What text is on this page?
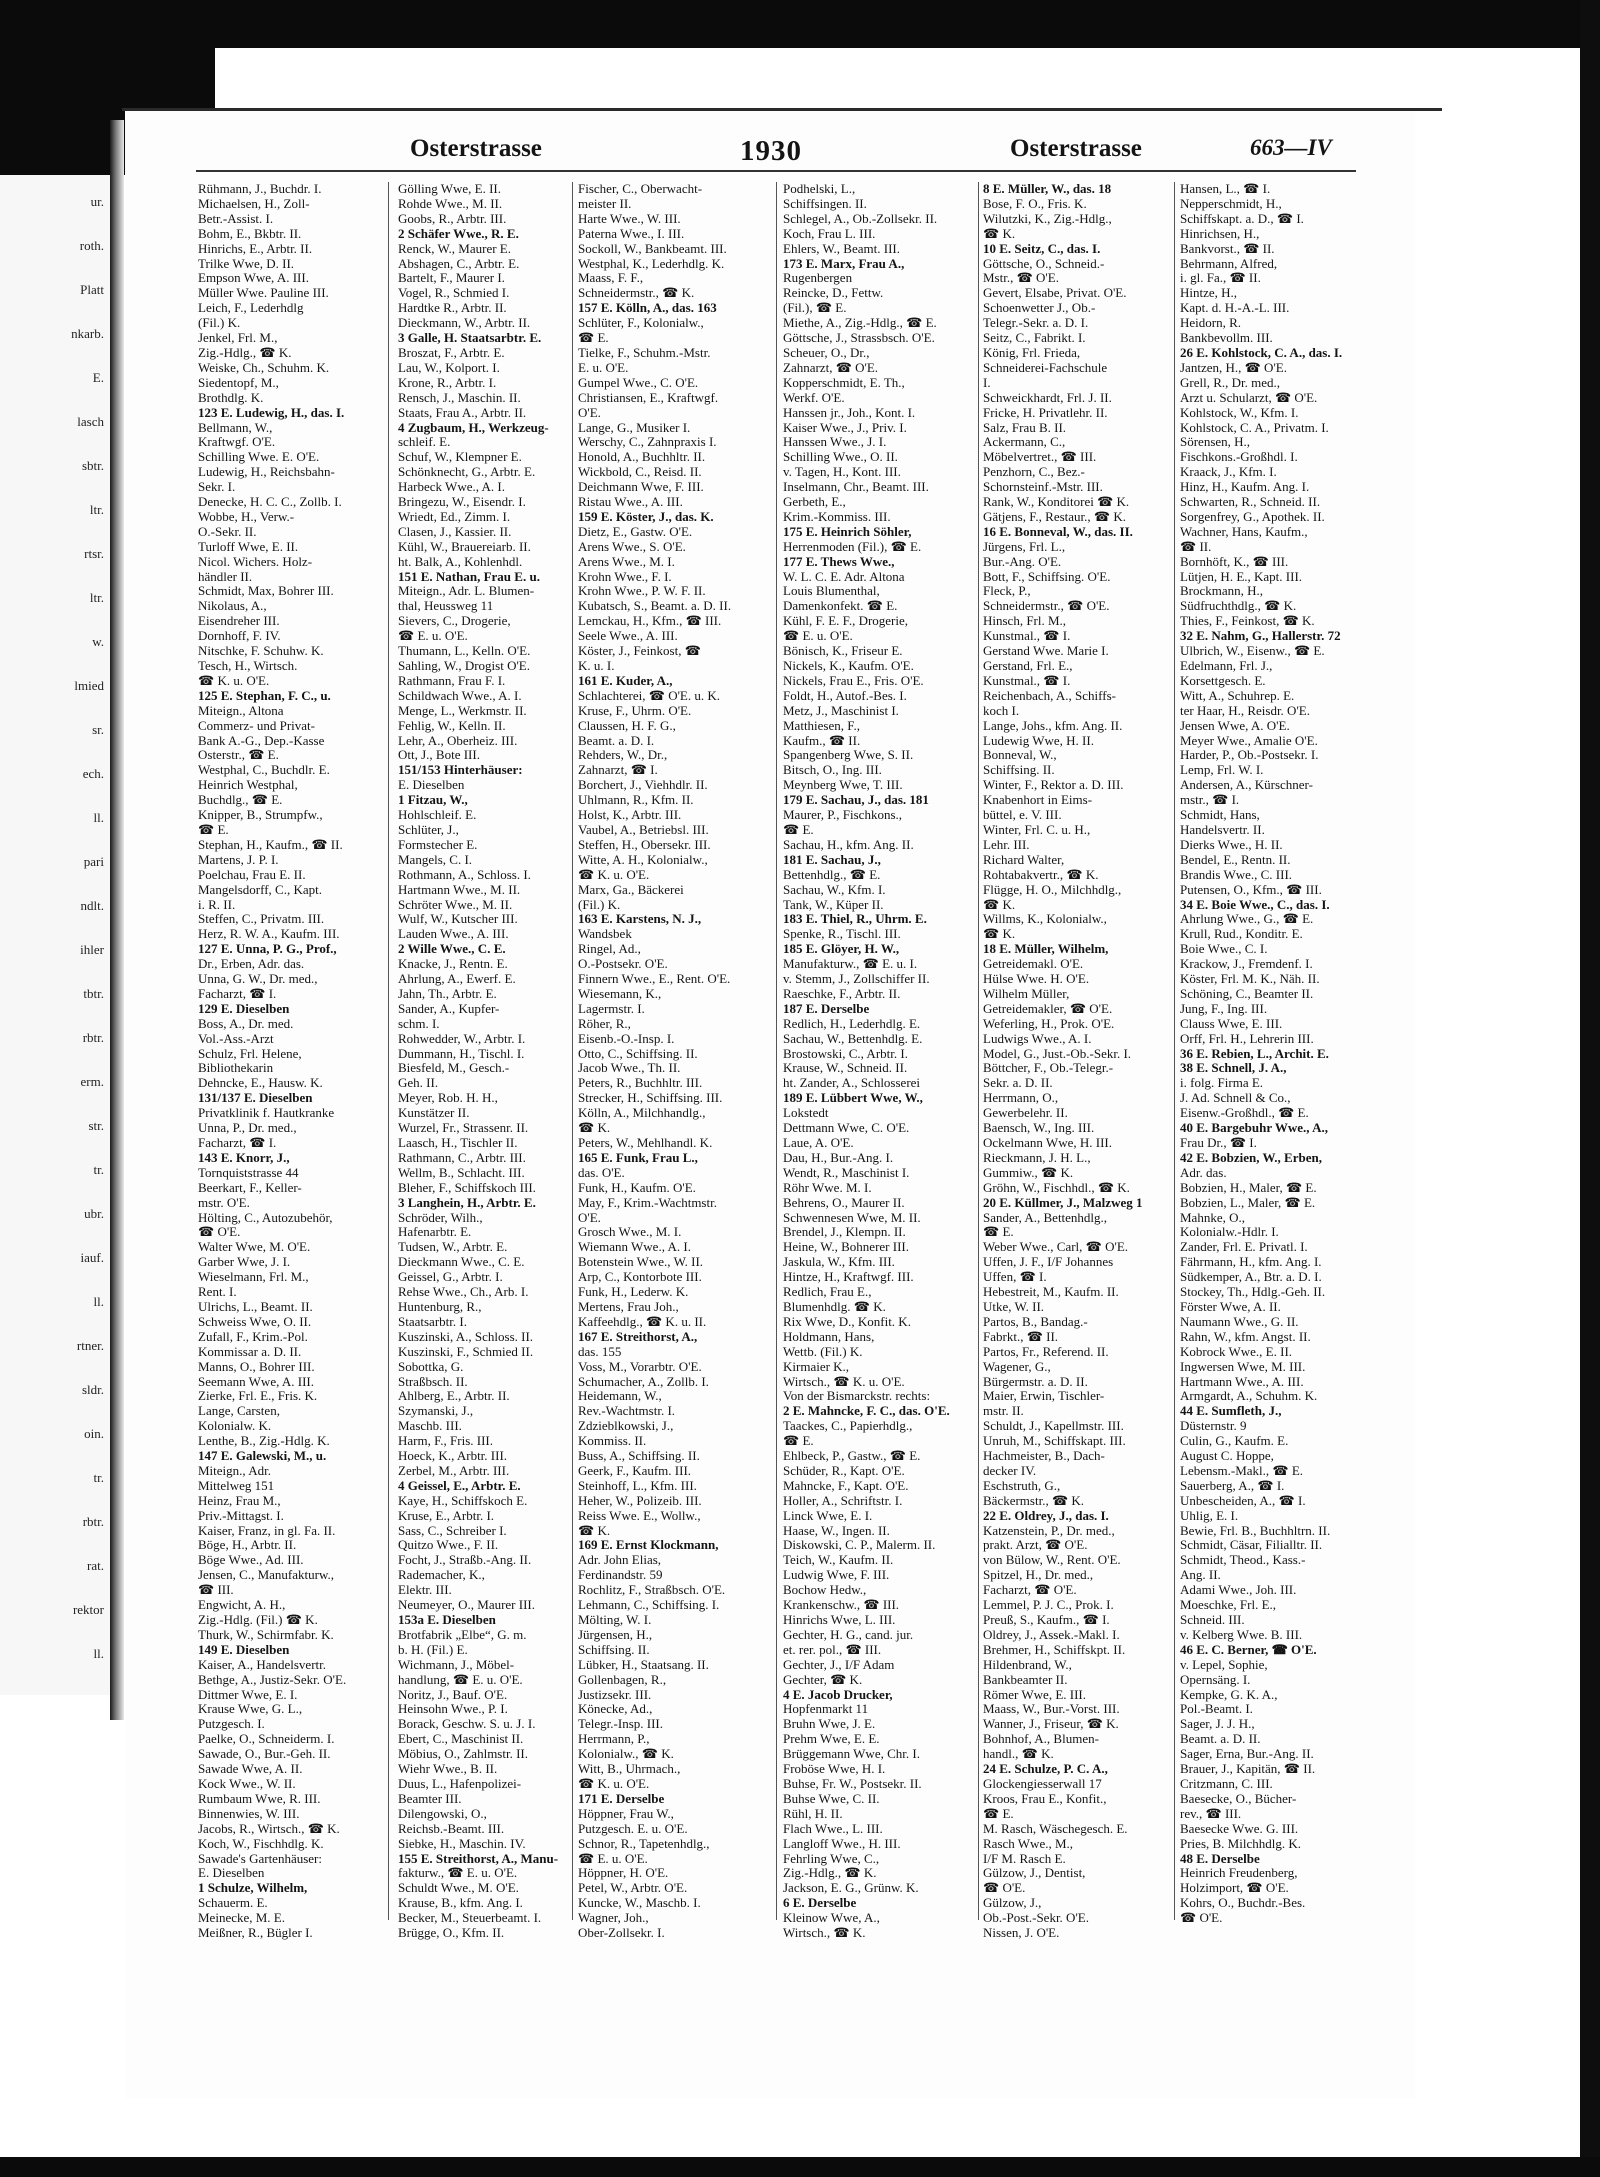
ur.
roth.
Platt
nkarb.
E.
lasch
sbtr.
ltr.
rtsr.
ltr.
w.
lmied
sr.
ech.
ll.
pari
ndlt.
ihler
tbtr.
rbtr.
erm.
str.
tr.
ubr.
iauf.
ll.
rtner.
sldr.
oin.
tr.
rbtr.
rat.
rektor
ll.
Osterstrasse	1930	Osterstrasse	663—IV
Rühmann, J., Buchdr. I.
Michaelsen, H., Zoll-
Betr.-Assist. I.
Bohm, E., Bkbtr. II.
Hinrichs, E., Arbtr. II.
Trilke Wwe, D. II.
Empson Wwe, A. III.
Müller Wwe. Pauline III.
Leich, F., Lederhdlg
(Fil.) K.
Jenkel, Frl. M.,
Zig.-Hdlg., ☎ K.
Weiske, Ch., Schuhm. K.
Siedentopf, M.,
Brothdlg. K.
123 E. Ludewig, H., das. I.
Bellmann, W.,
Kraftwgf. O'E.
Schilling Wwe. E. O'E.
Ludewig, H., Reichsbahn-
Sekr. I.
Denecke, H. C. C., Zollb. I.
Wobbe, H., Verw.-
O.-Sekr. II.
Turloff Wwe, E. II.
Nicol. Wichers. Holz-
händler II.
Schmidt, Max, Bohrer III.
Nikolaus, A.,
Eisendreher III.
Dornhoff, F. IV.
Nitschke, F. Schuhw. K.
Tesch, H., Wirtsch.
☎ K. u. O'E.
125 E. Stephan, F. C., u.
Miteign., Altona
Commerz- und Privat-
Bank A.-G., Dep.-Kasse
Osterstr., ☎ E.
Westphal, C., Buchdlr. E.
Heinrich Westphal,
Buchdlg., ☎ E.
Knipper, B., Strumpfw.,
☎ E.
Stephan, H., Kaufm., ☎ II.
Martens, J. P. I.
Poelchau, Frau E. II.
Mangelsdorff, C., Kapt.
i. R. II.
Steffen, C., Privatm. III.
Herz, R. W. A., Kaufm. III.
127 E. Unna, P. G., Prof.,
Dr., Erben, Adr. das.
Unna, G. W., Dr. med.,
Facharzt, ☎ I.
129 E. Dieselben
Boss, A., Dr. med.
Vol.-Ass.-Arzt
Schulz, Frl. Helene,
Bibliothekarin
Dehncke, E., Hausw. K.
131/137 E. Dieselben
Privatklinik f. Hautkranke
Unna, P., Dr. med.,
Facharzt, ☎ I.
143 E. Knorr, J.,
Tornquiststrasse 44
Beerkart, F., Keller-
mstr. O'E.
Hölting, C., Autozubehör,
☎ O'E.
Walter Wwe, M. O'E.
Garber Wwe, J. I.
Wieselmann, Frl. M.,
Rent. I.
Ulrichs, L., Beamt. II.
Schweiss Wwe, O. II.
Zufall, F., Krim.-Pol.
Kommissar a. D. II.
Manns, O., Bohrer III.
Seemann Wwe, A. III.
Zierke, Frl. E., Fris. K.
Lange, Carsten,
Kolonialw. K.
Lenthe, B., Zig.-Hdlg. K.
147 E. Galewski, M., u.
Miteign., Adr.
Mittelweg 151
Heinz, Frau M.,
Priv.-Mittagst. I.
Kaiser, Franz, in gl. Fa. II.
Böge, H., Arbtr. II.
Böge Wwe., Ad. III.
Jensen, C., Manufakturw.,
☎ III.
Engwicht, A. H.,
Zig.-Hdlg. (Fil.) ☎ K.
Thurk, W., Schirmfabr. K.
149 E. Dieselben
Kaiser, A., Handelsvertr.
Bethge, A., Justiz-Sekr. O'E.
Dittmer Wwe, E. I.
Krause Wwe, G. L.,
Putzgesch. I.
Paelke, O., Schneiderm. I.
Sawade, O., Bur.-Geh. II.
Sawade Wwe, A. II.
Kock Wwe., W. II.
Rumbaum Wwe, R. III.
Binnenwies, W. III.
Jacobs, R., Wirtsch., ☎ K.
Koch, W., Fischhdlg. K.
Sawade's Gartenhäuser:
E. Dieselben
1 Schulze, Wilhelm,
Schauerm. E.
Meinecke, M. E.
Meißner, R., Bügler I.
Gölling Wwe, E. II.
Rohde Wwe., M. II.
Goobs, R., Arbtr. III.
2 Schäfer Wwe., R. E.
Renck, W., Maurer E.
Abshagen, C., Arbtr. E.
Bartelt, F., Maurer I.
Vogel, R., Schmied I.
Hardtke R., Arbtr. II.
Dieckmann, W., Arbtr. II.
3 Galle, H. Staatsarbtr. E.
Broszat, F., Arbtr. E.
Lau, W., Kolport. I.
Krone, R., Arbtr. I.
Rensch, J., Maschin. II.
Staats, Frau A., Arbtr. II.
4 Zugbaum, H., Werkzeug-
schleif. E.
Schuf, W., Klempner E.
Schönknecht, G., Arbtr. E.
Harbeck Wwe., A. I.
Bringezu, W., Eisendr. I.
Wriedt, Ed., Zimm. I.
Clasen, J., Kassier. II.
Kühl, W., Brauereiarb. II.
ht. Balk, A., Kohlenhdl.
151 E. Nathan, Frau E. u.
Miteign., Adr. L. Blumen-
thal, Heussweg 11
Sievers, C., Drogerie,
☎ E. u. O'E.
Thumann, L., Kelln. O'E.
Sahling, W., Drogist O'E.
Rathmann, Frau F. I.
Schildwach Wwe., A. I.
Menge, L., Werkmstr. II.
Fehlig, W., Kelln. II.
Lehr, A., Oberheiz. III.
Ott, J., Bote III.
151/153 Hinterhäuser:
E. Dieselben
1 Fitzau, W.,
Hohlschleif. E.
Schlüter, J.,
Formstecher E.
Mangels, C. I.
Rothmann, A., Schloss. I.
Hartmann Wwe., M. II.
Schröter Wwe., M. II.
Wulf, W., Kutscher III.
Lauden Wwe., A. III.
2 Wille Wwe., C. E.
Knacke, J., Rentn. E.
Ahrlung, A., Ewerf. E.
Jahn, Th., Arbtr. E.
Sander, A., Kupfer-
schm. I.
Rohwedder, W., Arbtr. I.
Dummann, H., Tischl. I.
Biesfeld, M., Gesch.-
Geh. II.
Meyer, Rob. H. H.,
Kunstätzer II.
Wurzel, Fr., Strassenr. II.
Laasch, H., Tischler II.
Rathmann, C., Arbtr. III.
Wellm, B., Schlacht. III.
Bleher, F., Schiffskoch III.
3 Langhein, H., Arbtr. E.
Schröder, Wilh.,
Hafenarbtr. E.
Tudsen, W., Arbtr. E.
Dieckmann Wwe., C. E.
Geissel, G., Arbtr. I.
Rehse Wwe., Ch., Arb. I.
Huntenburg, R.,
Staatsarbtr. I.
Kuszinski, A., Schloss. II.
Kuszinski, F., Schmied II.
Sobottka, G.
Straßbsch. II.
Ahlberg, E., Arbtr. II.
Szymanski, J.,
Maschb. III.
Harm, F., Fris. III.
Hoeck, K., Arbtr. III.
Zerbel, M., Arbtr. III.
4 Geissel, E., Arbtr. E.
Kaye, H., Schiffskoch E.
Kruse, E., Arbtr. I.
Sass, C., Schreiber I.
Quitzo Wwe., F. II.
Focht, J., Straßb.-Ang. II.
Rademacher, K.,
Elektr. III.
Neumeyer, O., Maurer III.
153a E. Dieselben
Brotfabrik „Elbe“, G. m.
b. H. (Fil.) E.
Wichmann, J., Möbel-
handlung, ☎ E. u. O'E.
Noritz, J., Bauf. O'E.
Heinsohn Wwe., P. I.
Borack, Geschw. S. u. J. I.
Ebert, C., Maschinist II.
Möbius, O., Zahlmstr. II.
Wiehr Wwe., B. II.
Duus, L., Hafenpolizei-
Beamter III.
Dilengowski, O.,
Reichsb.-Beamt. III.
Siebke, H., Maschin. IV.
155 E. Streithorst, A., Manu-
fakturw., ☎ E. u. O'E.
Schuldt Wwe., M. O'E.
Krause, B., kfm. Ang. I.
Becker, M., Steuerbeamt. I.
Brügge, O., Kfm. II.
Fischer, C., Oberwacht-
meister II.
Harte Wwe., W. III.
Paterna Wwe., I. III.
Sockoll, W., Bankbeamt. III.
Westphal, K., Lederhdlg. K.
Maass, F. F.,
Schneidermstr., ☎ K.
157 E. Kölln, A., das. 163
Schlüter, F., Kolonialw.,
☎ E.
Tielke, F., Schuhm.-Mstr.
E. u. O'E.
Gumpel Wwe., C. O'E.
Christiansen, E., Kraftwgf.
O'E.
Lange, G., Musiker I.
Werschy, C., Zahnpraxis I.
Honold, A., Buchhltr. II.
Wickbold, C., Reisd. II.
Deichmann Wwe, F. III.
Ristau Wwe., A. III.
159 E. Köster, J., das. K.
Dietz, E., Gastw. O'E.
Arens Wwe., S. O'E.
Arens Wwe., M. I.
Krohn Wwe., F. I.
Krohn Wwe., P. W. F. II.
Kubatsch, S., Beamt. a. D. II.
Lemckau, H., Kfm., ☎ III.
Seele Wwe., A. III.
Köster, J., Feinkost, ☎
K. u. I.
161 E. Kuder, A.,
Schlachterei, ☎ O'E. u. K.
Kruse, F., Uhrm. O'E.
Claussen, H. F. G.,
Beamt. a. D. I.
Rehders, W., Dr.,
Zahnarzt, ☎ I.
Borchert, J., Viehhdlr. II.
Uhlmann, R., Kfm. II.
Holst, K., Arbtr. III.
Vaubel, A., Betriebsl. III.
Steffen, H., Obersekr. III.
Witte, A. H., Kolonialw.,
☎ K. u. O'E.
Marx, Ga., Bäckerei
(Fil.) K.
163 E. Karstens, N. J.,
Wandsbek
Ringel, Ad.,
O.-Postsekr. O'E.
Finnern Wwe., E., Rent. O'E.
Wiesemann, K.,
Lagermstr. I.
Röher, R.,
Eisenb.-O.-Insp. I.
Otto, C., Schiffsing. II.
Jacob Wwe., Th. II.
Peters, R., Buchhltr. III.
Strecker, H., Schiffsing. III.
Kölln, A., Milchhandlg.,
☎ K.
Peters, W., Mehlhandl. K.
165 E. Funk, Frau L.,
das. O'E.
Funk, H., Kaufm. O'E.
May, F., Krim.-Wachtmstr.
O'E.
Grosch Wwe., M. I.
Wiemann Wwe., A. I.
Botenstein Wwe., W. II.
Arp, C., Kontorbote III.
Funk, H., Lederw. K.
Mertens, Frau Joh.,
Kaffeehdlg., ☎ K. u. II.
167 E. Streithorst, A.,
das. 155
Voss, M., Vorarbtr. O'E.
Schumacher, A., Zollb. I.
Heidemann, W.,
Rev.-Wachtmstr. I.
Zdzieblkowski, J.,
Kommiss. II.
Buss, A., Schiffsing. II.
Geerk, F., Kaufm. III.
Steinhoff, L., Kfm. III.
Heher, W., Polizeib. III.
Reiss Wwe. E., Wollw.,
☎ K.
169 E. Ernst Klockmann,
Adr. John Elias,
Ferdinandstr. 59
Rochlitz, F., Straßbsch. O'E.
Lehmann, C., Schiffsing. I.
Mölting, W. I.
Jürgensen, H.,
Schiffsing. II.
Lübker, H., Staatsang. II.
Gollenbagen, R.,
Justizsekr. III.
Könecke, Ad.,
Telegr.-Insp. III.
Herrmann, P.,
Kolonialw., ☎ K.
Witt, B., Uhrmach.,
☎ K. u. O'E.
171 E. Derselbe
Höppner, Frau W.,
Putzgesch. E. u. O'E.
Schnor, R., Tapetenhdlg.,
☎ E. u. O'E.
Höppner, H. O'E.
Petel, W., Arbtr. O'E.
Kuncke, W., Maschb. I.
Wagner, Joh.,
Ober-Zollsekr. I.
Podhelski, L.,
Schiffsingen. II.
Schlegel, A., Ob.-Zollsekr. II.
Koch, Frau L. III.
Ehlers, W., Beamt. III.
173 E. Marx, Frau A.,
Rugenbergen
Reincke, D., Fettw.
(Fil.), ☎ E.
Miethe, A., Zig.-Hdlg., ☎ E.
Göttsche, J., Strassbsch. O'E.
Scheuer, O., Dr.,
Zahnarzt, ☎ O'E.
Kopperschmidt, E. Th.,
Werkf. O'E.
Hanssen jr., Joh., Kont. I.
Kaiser Wwe., J., Priv. I.
Hanssen Wwe., J. I.
Schilling Wwe., O. II.
v. Tagen, H., Kont. III.
Inselmann, Chr., Beamt. III.
Gerbeth, E.,
Krim.-Kommiss. III.
175 E. Heinrich Söhler,
Herrenmoden (Fil.), ☎ E.
177 E. Thews Wwe.,
W. L. C. E. Adr. Altona
Louis Blumenthal,
Damenkonfekt. ☎ E.
Kühl, F. E. F., Drogerie,
☎ E. u. O'E.
Bönisch, K., Friseur E.
Nickels, K., Kaufm. O'E.
Nickels, Frau E., Fris. O'E.
Foldt, H., Autof.-Bes. I.
Metz, J., Maschinist I.
Matthiesen, F.,
Kaufm., ☎ II.
Spangenberg Wwe, S. II.
Bitsch, O., Ing. III.
Meynberg Wwe, T. III.
179 E. Sachau, J., das. 181
Maurer, P., Fischkons.,
☎ E.
Sachau, H., kfm. Ang. II.
181 E. Sachau, J.,
Bettenhdlg., ☎ E.
Sachau, W., Kfm. I.
Tank, W., Küper II.
183 E. Thiel, R., Uhrm. E.
Spenke, R., Tischl. III.
185 E. Glöyer, H. W.,
Manufakturw., ☎ E. u. I.
v. Stemm, J., Zollschiffer II.
Raeschke, F., Arbtr. II.
187 E. Derselbe
Redlich, H., Lederhdlg. E.
Sachau, W., Bettenhdlg. E.
Brostowski, C., Arbtr. I.
Krause, W., Schneid. II.
ht. Zander, A., Schlosserei
189 E. Lübbert Wwe, W.,
Lokstedt
Dettmann Wwe, C. O'E.
Laue, A. O'E.
Dau, H., Bur.-Ang. I.
Wendt, R., Maschinist I.
Röhr Wwe. M. I.
Behrens, O., Maurer II.
Schwennesen Wwe, M. II.
Brendel, J., Klempn. II.
Heine, W., Bohnerer III.
Jaskula, W., Kfm. III.
Hintze, H., Kraftwgf. III.
Redlich, Frau E.,
Blumenhdlg. ☎ K.
Rix Wwe, D., Konfit. K.
Holdmann, Hans,
Wettb. (Fil.) K.
Kirmaier K.,
Wirtsch., ☎ K. u. O'E.
Von der Bismarckstr. rechts:
2 E. Mahncke, F. C., das. O'E.
Taackes, C., Papierhdlg.,
☎ E.
Ehlbeck, P., Gastw., ☎ E.
Schüder, R., Kapt. O'E.
Mahncke, F., Kapt. O'E.
Holler, A., Schriftstr. I.
Linck Wwe, E. I.
Haase, W., Ingen. II.
Diskowski, C. P., Malerm. II.
Teich, W., Kaufm. II.
Ludwig Wwe, F. III.
Bochow Hedw.,
Krankenschw., ☎ III.
Hinrichs Wwe, L. III.
Gechter, H. G., cand. jur.
et. rer. pol., ☎ III.
Gechter, J., I/F Adam
Gechter, ☎ K.
4 E. Jacob Drucker,
Hopfenmarkt 11
Bruhn Wwe, J. E.
Prehm Wwe, E. E.
Brüggemann Wwe, Chr. I.
Froböse Wwe, H. I.
Buhse, Fr. W., Postsekr. II.
Buhse Wwe, C. II.
Rühl, H. II.
Flach Wwe., L. III.
Langloff Wwe., H. III.
Fehrling Wwe, C.,
Zig.-Hdlg., ☎ K.
Jackson, E. G., Grünw. K.
6 E. Derselbe
Kleinow Wwe, A.,
Wirtsch., ☎ K.
8 E. Müller, W., das. 18
Bose, F. O., Fris. K.
Wilutzki, K., Zig.-Hdlg.,
☎ K.
10 E. Seitz, C., das. I.
Göttsche, O., Schneid.-
Mstr., ☎ O'E.
Gevert, Elsabe, Privat. O'E.
Schoenwetter J., Ob.-
Telegr.-Sekr. a. D. I.
Seitz, C., Fabrikt. I.
König, Frl. Frieda,
Schneiderei-Fachschule
I.
Schweickhardt, Frl. J. II.
Fricke, H. Privatlehr. II.
Salz, Frau B. II.
Ackermann, C.,
Möbelvertret., ☎ III.
Penzhorn, C., Bez.-
Schornsteinf.-Mstr. III.
Rank, W., Konditorei ☎ K.
Gätjens, F., Restaur., ☎ K.
16 E. Bonneval, W., das. II.
Jürgens, Frl. L.,
Bur.-Ang. O'E.
Bott, F., Schiffsing. O'E.
Fleck, P.,
Schneidermstr., ☎ O'E.
Hinsch, Frl. M.,
Kunstmal., ☎ I.
Gerstand Wwe. Marie I.
Gerstand, Frl. E.,
Kunstmal., ☎ I.
Reichenbach, A., Schiffs-
koch I.
Lange, Johs., kfm. Ang. II.
Ludewig Wwe, H. II.
Bonneval, W.,
Schiffsing. II.
Winter, F., Rektor a. D. III.
Knabenhort in Eims-
büttel, e. V. III.
Winter, Frl. C. u. H.,
Lehr. III.
Richard Walter,
Rohtabakvertr., ☎ K.
Flügge, H. O., Milchhdlg.,
☎ K.
Willms, K., Kolonialw.,
☎ K.
18 E. Müller, Wilhelm,
Getreidemakl. O'E.
Hülse Wwe. H. O'E.
Wilhelm Müller,
Getreidemakler, ☎ O'E.
Weferling, H., Prok. O'E.
Ludwigs Wwe., A. I.
Model, G., Just.-Ob.-Sekr. I.
Böttcher, F., Ob.-Telegr.-
Sekr. a. D. II.
Herrmann, O.,
Gewerbelehr. II.
Baensch, W., Ing. III.
Ockelmann Wwe, H. III.
Rieckmann, J. H. L.,
Gummiw., ☎ K.
Gröhn, W., Fischhdl., ☎ K.
20 E. Küllmer, J., Malzweg 1
Sander, A., Bettenhdlg.,
☎ E.
Weber Wwe., Carl, ☎ O'E.
Uffen, J. F., I/F Johannes
Uffen, ☎ I.
Hebestreit, M., Kaufm. II.
Utke, W. II.
Partos, B., Bandag.-
Fabrkt., ☎ II.
Partos, Fr., Referend. II.
Wagener, G.,
Bürgermstr. a. D. II.
Maier, Erwin, Tischler-
mstr. II.
Schuldt, J., Kapellmstr. III.
Unruh, M., Schiffskapt. III.
Hachmeister, B., Dach-
decker IV.
Eschstruth, G.,
Bäckermstr., ☎ K.
22 E. Oldrey, J., das. I.
Katzenstein, P., Dr. med.,
prakt. Arzt, ☎ O'E.
von Bülow, W., Rent. O'E.
Spitzel, H., Dr. med.,
Facharzt, ☎ O'E.
Lemmel, P. J. C., Prok. I.
Preuß, S., Kaufm., ☎ I.
Oldrey, J., Assek.-Makl. I.
Brehmer, H., Schiffskpt. II.
Hildenbrand, W.,
Bankbeamter II.
Römer Wwe, E. III.
Maass, W., Bur.-Vorst. III.
Wanner, J., Friseur, ☎ K.
Bohnhof, A., Blumen-
handl., ☎ K.
24 E. Schulze, P. C. A.,
Glockengiesserwall 17
Kroos, Frau E., Konfit.,
☎ E.
M. Rasch, Wäschegesch. E.
Rasch Wwe., M.,
I/F M. Rasch E.
Gülzow, J., Dentist,
☎ O'E.
Gülzow, J.,
Ob.-Post.-Sekr. O'E.
Nissen, J. O'E.
Hansen, L., ☎ I.
Nepperschmidt, H.,
Schiffskapt. a. D., ☎ I.
Hinrichsen, H.,
Bankvorst., ☎ II.
Behrmann, Alfred,
i. gl. Fa., ☎ II.
Hintze, H.,
Kapt. d. H.-A.-L. III.
Heidorn, R.
Bankbevollm. III.
26 E. Kohlstock, C. A., das. I.
Jantzen, H., ☎ O'E.
Grell, R., Dr. med.,
Arzt u. Schularzt, ☎ O'E.
Kohlstock, W., Kfm. I.
Kohlstock, C. A., Privatm. I.
Sörensen, H.,
Fischkons.-Großhdl. I.
Kraack, J., Kfm. I.
Hinz, H., Kaufm. Ang. I.
Schwarten, R., Schneid. II.
Sorgenfrey, G., Apothek. II.
Wachner, Hans, Kaufm.,
☎ II.
Bornhöft, K., ☎ III.
Lütjen, H. E., Kapt. III.
Brockmann, H.,
Südfruchthdlg., ☎ K.
Thies, F., Feinkost, ☎ K.
32 E. Nahm, G., Hallerstr. 72
Ulbrich, W., Eisenw., ☎ E.
Edelmann, Frl. J.,
Korsettgesch. E.
Witt, A., Schuhrep. E.
ter Haar, H., Reisdr. O'E.
Jensen Wwe, A. O'E.
Meyer Wwe., Amalie O'E.
Harder, P., Ob.-Postsekr. I.
Lemp, Frl. W. I.
Andersen, A., Kürschner-
mstr., ☎ I.
Schmidt, Hans,
Handelsvertr. II.
Dierks Wwe., H. II.
Bendel, E., Rentn. II.
Brandis Wwe., C. III.
Putensen, O., Kfm., ☎ III.
34 E. Boie Wwe., C., das. I.
Ahrlung Wwe., G., ☎ E.
Krull, Rud., Konditr. E.
Boie Wwe., C. I.
Krackow, J., Fremdenf. I.
Köster, Frl. M. K., Näh. II.
Schöning, C., Beamter II.
Jung, F., Ing. III.
Clauss Wwe, E. III.
Orff, Frl. H., Lehrerin III.
36 E. Rebien, L., Archit. E.
38 E. Schnell, J. A.,
i. folg. Firma E.
J. Ad. Schnell & Co.,
Eisenw.-Großhdl., ☎ E.
40 E. Bargebuhr Wwe., A.,
Frau Dr., ☎ I.
42 E. Bobzien, W., Erben,
Adr. das.
Bobzien, H., Maler, ☎ E.
Bobzien, L., Maler, ☎ E.
Mahnke, O.,
Kolonialw.-Hdlr. I.
Zander, Frl. E. Privatl. I.
Fährmann, H., kfm. Ang. I.
Südkemper, A., Btr. a. D. I.
Stockey, Th., Hdlg.-Geh. II.
Förster Wwe, A. II.
Naumann Wwe., G. II.
Rahn, W., kfm. Angst. II.
Kobrock Wwe., E. II.
Ingwersen Wwe, M. III.
Hartmann Wwe., A. III.
Armgardt, A., Schuhm. K.
44 E. Sumfleth, J.,
Düsternstr. 9
Culin, G., Kaufm. E.
August C. Hoppe,
Lebensm.-Makl., ☎ E.
Sauerberg, A., ☎ I.
Unbescheiden, A., ☎ I.
Uhlig, E. I.
Bewie, Frl. B., Buchhltrn. II.
Schmidt, Cäsar, Filialltr. II.
Schmidt, Theod., Kass.-
Ang. II.
Adami Wwe., Joh. III.
Moeschke, Frl. E.,
Schneid. III.
v. Kelberg Wwe. B. III.
46 E. C. Berner, ☎ O'E.
v. Lepel, Sophie,
Opernsäng. I.
Kempke, G. K. A.,
Pol.-Beamt. I.
Sager, J. J. H.,
Beamt. a. D. II.
Sager, Erna, Bur.-Ang. II.
Brauer, J., Kapitän, ☎ II.
Critzmann, C. III.
Baesecke, O., Bücher-
rev., ☎ III.
Baesecke Wwe. G. III.
Pries, B. Milchhdlg. K.
48 E. Derselbe
Heinrich Freudenberg,
Holzimport, ☎ O'E.
Kohrs, O., Buchdr.-Bes.
☎ O'E.
